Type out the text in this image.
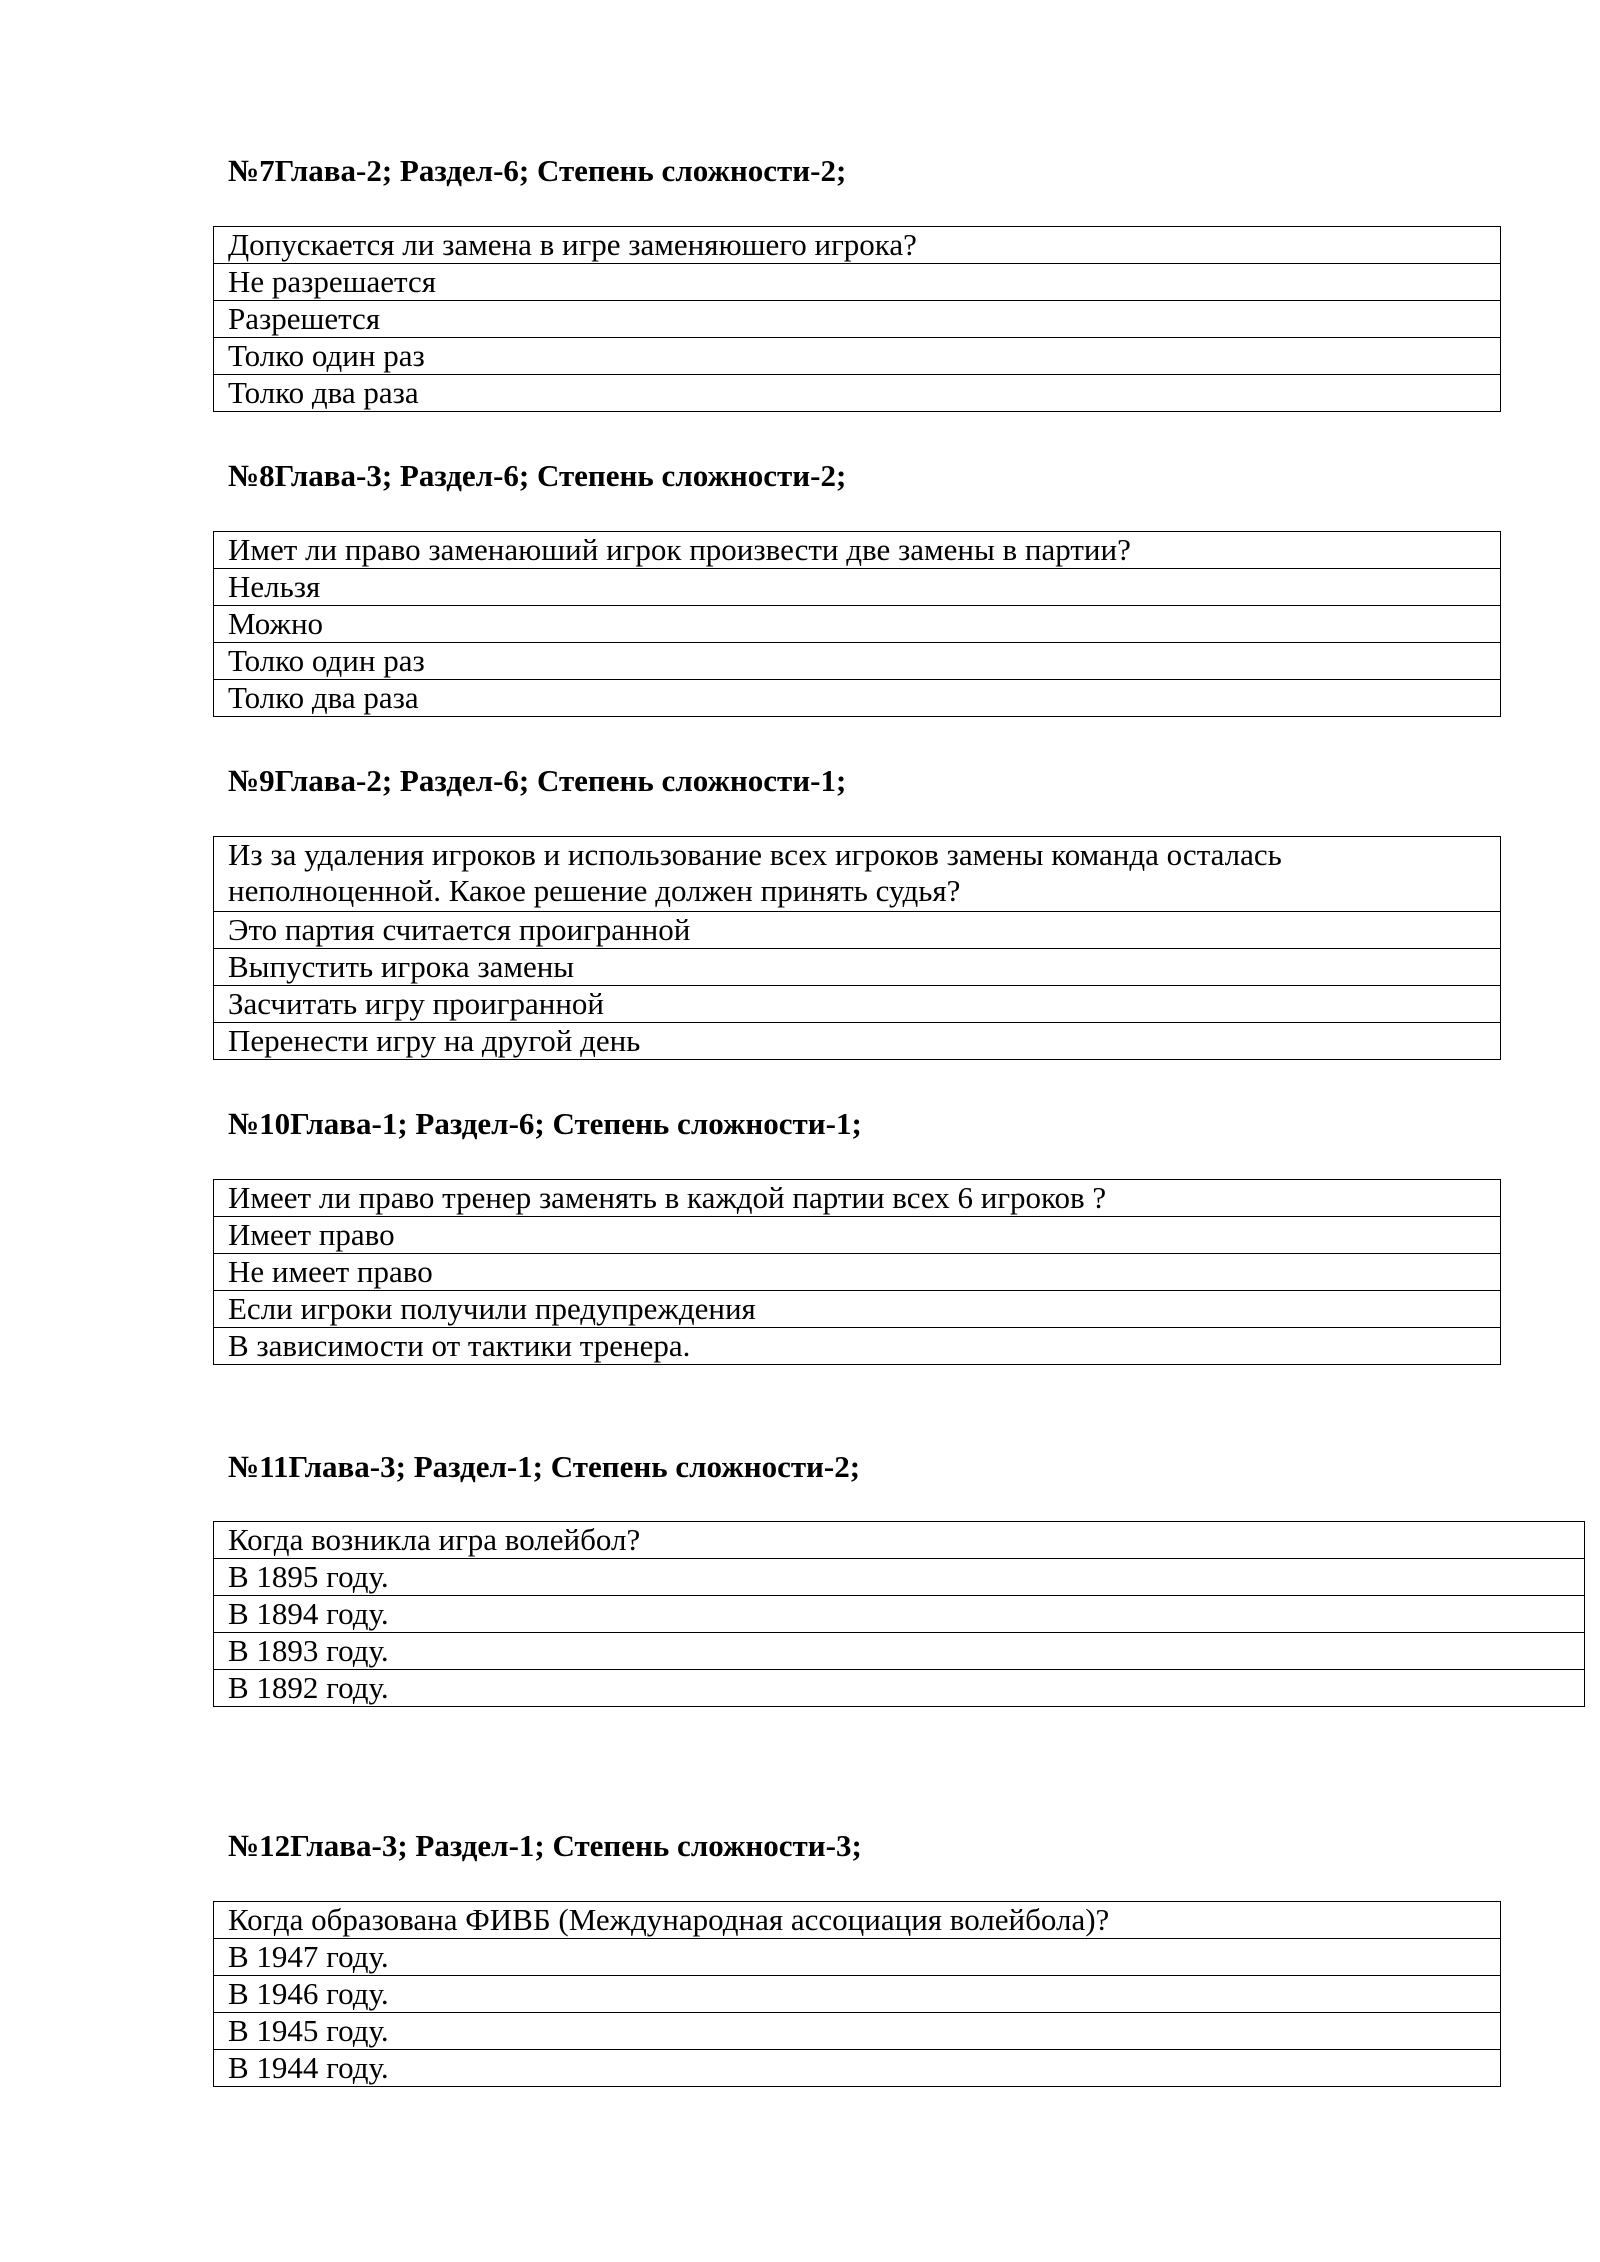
№7Глава-2; Раздел-6; Степень сложности-2;
Допускается ли замена в игре заменяюшего игрока?
Не разрешается
Разрешется
Толко один раз
Толко два раза
№8Глава-3; Раздел-6; Степень сложности-2;
Имет ли право заменаюший игрок произвести две замены в партии?
Нельзя
Можно
Толко один раз
Толко два раза
№9Глава-2; Раздел-6; Степень сложности-1;
Из за удаления игроков и использование всех игроков замены команда осталась неполноценной. Какое решение должен принять судья?
Это партия считается проигранной
Выпустить игрока замены
Засчитать игру проигранной
Перенести игру на другой день
№10Глава-1; Раздел-6; Степень сложности-1;
Имеет ли право тренер заменять в каждой партии всех 6 игроков ?
Имеет право
Не имеет право
Если игроки получили предупреждения
В зависимости от тактики тренера.
№11Глава-3; Раздел-1; Степень сложности-2;
Когда возникла игра волейбол?
В 1895 году.
В 1894 году.
В 1893 году.
В 1892 году.
№12Глава-3; Раздел-1; Степень сложности-3;
Когда образована ФИВБ (Международная ассоциация волейбола)?
В 1947 году.
В 1946 году.
В 1945 году.
В 1944 году.
